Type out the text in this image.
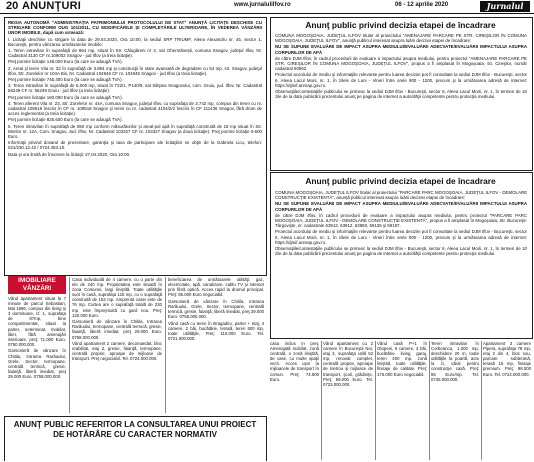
20 ANUNŢURI	www.jurnalulilfov.ro	06 - 12 aprilie 2020	Jurnalul

REGIA AUTONOMĂ "ADMINISTRAŢIA PATRIMONIULUI PROTOCOLULUI DE STAT" ANUNŢĂ LICITAŢII DESCHISE CU STRIGARE CONFORM OUG 101/2011, CU MODIFICĂRILE ŞI COMPLETĂRILE ULTERIOARE, ÎN VEDEREA VÂNZĂRII UNOR IMOBILE, după cum urmează:

I. Licitaţii deschise cu strigare la data de 29.04.2020, Ora 10:00, la sediul SRP TRIUMF, Aleea Alexandru nr. 45, sector 1, Bucureşti, pentru vânzarea următoarelor imobile:

1. Teren intravilan în suprafaţă de 864 mp, situat în Str. Călugăreni nr 2, sat Ghermăneşti, comuna Snagov, judeţul Ilfov, Nr. Cadastral 3130 CF nr.109002 Snagov - jud Ilfov (a treia licitaţie).

Preţ pornire licitaţie 148.000 Euro (la care se adaugă TVA).

2. Areal şi teren Vila nr. 32 în suprafaţă de 3.894 mp şi construcţii în stare avansată de degradare cu 54 mp. str. Snagov, judeţul Ilfov, Str. Zorelelor nr 104A Bis, Nr. Cadastral 104946 CF nr. 104946 Snagov - jud Ilfov (a treia licitaţie).

Preţ pornire licitaţie 745.400 Euro (la care se adaugă TVA).

3. Teren intravilan în suprafaţă de 5.000 mp, situat în T22/1, P140/9, sat Siliştea Snagovului, com. Gruiu, jud. Ilfov, Nr. Cadastral 56249 CF nr. 56249 Gruiu - jud Ilfov (a treia licitaţie).

Preţ pornire licitaţie 160.000 Euro (la care se adaugă TVA).

4. Teren aferent Vila nr. 23, Str. Zorelelor nr. 44A, comuna Snagov, judeţul Ilfov, cu suprafaţa de 3.742 mp, compus din teren cu nr. cadastral 109518 înscris în CF nr. 109518 Snagov şi teren cu nr. cadastral 4104/2/2 înscris în CF 111436 Snagov, fără drum de acces reglementat (a treia licitaţie).

Preţ pornire licitaţie 825.600 Euro (la care se adaugă TVA).

5. Teren intravilan în suprafaţă de 850 mp conform măsurătorilor şi areal-pul apă în suprafaţă construită de 18 mp situat în Str. Merilor nr. 12A, Com. Snagov, Jud. Ilfov, Nr. Cadastral 103327 CF nr. 103327 Snagov (a doua licitaţie). Preţ pornire licitaţie 9.600 Euro.

Informaţii privind dosarul de prezentare, garanţia şi taxa de participare ale licitaţiilor se obţin de la Gabriela Licu, telefon: 021/230.12.42 / 0724.483.10.

Data şi ora limită de înscriere la licitaţii: 27.04.2020, Ora 10:00.

IMOBILIARE VÂNZĂRI

Vând apartament situat la 7 minute de parcul Sebastian, Mai 1996, compus din living şi 3 dormitoare, cf. 1, suprafaţa de 87mp, bine compartimentat, situat la parter, neterminat, mobilat, liber, fără amenajări interioare, preţ: 71.000 Euro. 0750.000.000.

Garsonieră de vânzare în Chitila, Intrarea Rarăuului, Grele, Sector, termopane, centrală termică, gresie, faianţă, liberă imediat, preţ 29.000 Euro. 0758.000.000.

Casa individuală de 4 camere, cu o parte din ele de 240 mp. Proprietatea este situată în zona Comunei, largi liniştită. Toate utilităţile sunt în casă, suprafaţa 118 mp, cu o suprafaţă construită de 153 mp. Amprenta casei este de 76 mp. Curtea are o suprafaţă totală de 230 mp, este împrejmuită cu gard nou. Preţ: 120.000 Euro.

Garsonieră de vânzare în Chitila, Intrarea Rarăuului, termopane, centrală termică, gresie, faianţă, liberă imediat, preţ 29.000 Euro. 0758.000.000.

Vând apartament 2 camere, decomandat, bloc reabilitat, etaj 2, gresie, faianţă, termopane, centrală proprie, aproape de mijloace de transport. Preţ negociabil. Tel. 0724.000.000.

beneficiarea de următoarele utilităţi: gaz, electricitate, apă, canalizare, cablu TV şi internet prin fibră optică. Acces rapid la drumul principal. Preţ: 85.000 Euro negociabil.

Garsonieră de vânzare în Chitila, Intrarea Rarăuului, Grele, Sector, termopane, centrală termică, gresie, faianţă, liberă imediat, preţ 29.000 Euro. 0758.000.000.

Vând casă cu teren în Bragadiru, parter + etaj, 4 camere, 2 băi, bucătărie, terasă, teren 500 mp, toate utilităţile. Preţ: 110.000 Euro. Tel. 0721.000.000.

ANUNŢ PUBLIC REFERITOR LA CONSULTAREA UNUI PROIECT DE HOTĂRÂRE CU CARACTER NORMATIV
Anunţ public privind decizia etapei de încadrare

COMUNA MOGOŞOAIA, JUDEŢUL ILFOV titular al proiectului "AMENAJARE PARCARE PE STR. CIREŞILOR ÎN COMUNA MOGOŞOAIA, JUDEŢUL ILFOV", anunţă publicul interesat asupra luării deciziei etapei de încadrare:

NU SE SUPUNE EVALUĂRII DE IMPACT ASUPRA MEDIULUI/EVALUĂRII ADECVATE/EVALUĂRII IMPACTULUI ASUPRA CORPURILOR DE APĂ

de către DJM Ilfov, în cadrul procedurii de evaluare a impactului asupra mediului, pentru proiectul "AMENAJARE PARCARE PE STR. CIREŞILOR ÎN COMUNA MOGOŞOAIA, JUDEŢUL ILFOV", propus a fi amplasat în Mogoşoaia, str. Cireşilor, număr cadastral 60962.

Proiectul acordului de mediu şi informaţiile relevante pentru luarea deciziei pot fi consultate la sediul DJM Ilfov - Bucureşti, sector 6, Aleea Lacul Morii, nr. 1, în zilele de Luni - Vineri între orele 900 - 1200, precum şi la următoarea adresă de internet: https://djmif.anmap.gov.ro.

Observaţiile/contestaţiile publicului se primesc la sediul DJM Ilfov - Bucureşti, sector 6, Aleea Lacul Morii, nr. 1, în termen de 10 zile de la data publicării prezentului anunţ pe pagina de internet a autorităţii competente pentru protecţia mediului.

Anunţ public privind decizia etapei de încadrare

COMUNA MOGOŞOAIA, JUDEŢUL ILFOV titular al proiectului "PARCARE PARC MOGOŞOAIA, JUDEŢUL ILFOV - DEMOLARE CONSTRUCŢIE EXISTENTĂ", anunţă publicul interesat asupra luării deciziei etapei de încadrare:

NU SE SUPUNE EVALUĂRII DE IMPACT ASUPRA MEDIULUI/EVALUĂRII ADECVATE/EVALUĂRII IMPACTULUI ASUPRA CORPURILOR DE APĂ

de către DJM Ilfov, în cadrul procedurii de evaluare a impactului asupra mediului, pentru proiectul "PARCARE PARC MOGOŞOAIA, JUDEŢUL ILFOV - DEMOLARE CONSTRUCŢIE EXISTENTĂ", propus a fi amplasat în Mogoşoaia, Str. Bucureşti-Târgovişte, nr. cadastrale 63913, 63912, 63950, 59135 şi 59187.

Proiectul acordului de mediu şi informaţiile relevante pentru luarea deciziei pot fi consultate la sediul DJM Ilfov - Bucureşti, sector 6, Aleea Lacul Morii, nr. 1, în zilele de Luni - Vineri între orele 900 - 1200, precum şi la următoarea adresă de internet: https://djmif.anmap.gov.ro.

Observaţiile/contestaţiile publicului se primesc la sediul DJM Ilfov - Bucureşti, sector 6, Aleea Lacul Morii, nr. 1, în termen de 10 zile de la data publicării prezentului anunţ pe pagina de internet a autorităţii competente pentru protecţia mediului.

casa inclus in preţ. Amenajată mobilat, zonă centrală, o zonă liniştită, de case, cu multe spaţii verzi. Acces uşor la mijloacele de transport în comun. Preţ: 74.900 Euro.

Vând apartament cu 2 camere în Bucureştii Noi, etaj 3, suprafaţa utilă 52 mp, renovat complet, centrală proprie, aproape de metrou şi mijloace de transport, şcoli, grădiniţe. Preţ: 59.000 Euro. Tel. 0723.000.000.

Vând casă P+1 în Otopeni, 5 camere, 3 băi, bucătărie, living, garaj, teren 400 mp, zonă liniştită, toate utilităţile, finisaje de calitate. Preţ: 175.000 Euro negociabil.

Teren intravilan în Corbeanca, 1.000 mp, deschidere 20 m, toate utilităţile la poartă, acte la zi, ideal pentru construcţie casă. Preţ: 55 Euro/mp. Tel. 0745.000.000.

Apartament 3 camere Pipera, suprafaţa 78 mp, etaj 2 din 4, bloc nou, parcare subterană, terasă 15 mp, finisaje premium. Preţ: 98.000 Euro. Tel. 0722.000.000.
